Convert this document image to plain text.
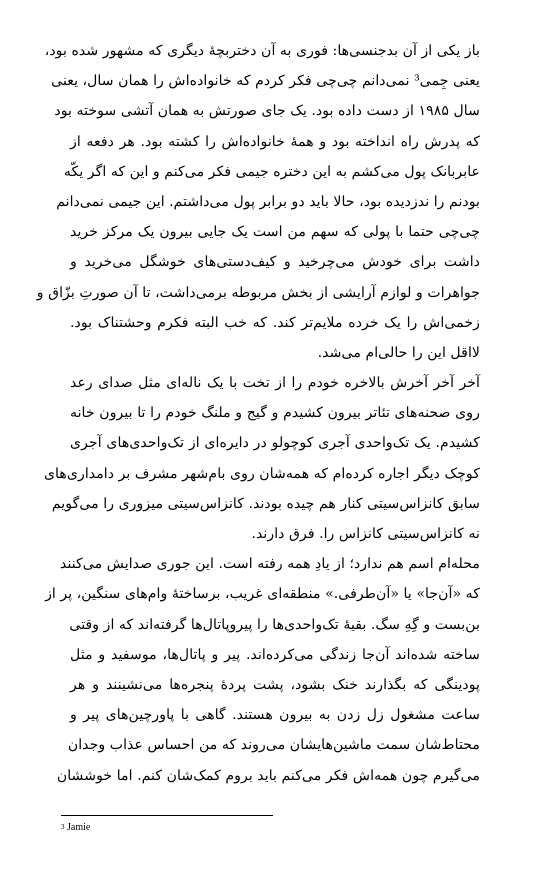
باز یکی از آن بدجنسی‌ها: فوری به آن دختربچهٔ دیگری که مشهور شده بود،
یعنی جِمی³ نمی‌دانم چی‌چی فکر کردم که خانواده‌اش را همان سال، یعنی
سال ۱۹۸۵ از دست داده بود. یک جای صورتش به همان آتشی سوخته بود
که پدرش راه انداخته بود و همهٔ خانواده‌اش را کشته بود. هر دفعه از
عابربانک پول می‌کشم به این دختره جیمی فکر می‌کنم و این که اگر یکّه
بودنم را ندزدیده بود، حالا باید دو برابر پول می‌داشتم. این جیمی نمی‌دانم
چی‌چی حتما با پولی که سهم من است یک جایی بیرون یک مرکز خرید
داشت برای خودش می‌چرخید و کیف‌دستی‌های خوشگل می‌خرید و
جواهرات و لوازم آرایشی از بخش مربوطه برمی‌داشت، تا آن صورتِ بزّاق و
زخمی‌اش را یک خرده ملایم‌تر کند. که خب البته فکرم وحشتناک بود.
لااقل این را حالی‌ام می‌شد.
آخر آخر آخرش بالاخره خودم را از تخت با یک ناله‌ای مثل صدای رعد
روی صحنه‌های تئاتر بیرون کشیدم و گیج و ملنگ خودم را تا بیرون خانه
کشیدم. یک تک‌واحدی آجری کوچولو در دایره‌ای از تک‌واحدی‌های آجری
کوچک دیگر اجاره کرده‌ام که همه‌شان روی بام‌شهر مشرف بر دامداری‌های
سابق کانزاس‌سیتی کنار هم چیده بودند. کانزاس‌سیتی میزوری را می‌گویم
نه کانزاس‌سیتی کانزاس را. فرق دارند.
محله‌ام اسم هم ندارد؛ از یادِ همه رفته است. این جوری صدایش می‌کنند
که «آن‌جا» یا «آن‌طرفی.» منطقه‌ای غریب، برساختهٔ وام‌های سنگین، پر از
بن‌بست و گِهِ سگ. بقیهٔ تک‌واحدی‌ها را پیرو‌پاتال‌ها گرفته‌اند که از وقتی
ساخته شده‌اند آن‌جا زندگی می‌کرده‌اند. پیر و پاتال‌ها، موسفید و مثل
پودینگی که بگذارند خنک بشود، پشت پردهٔ پنجره‌ها می‌نشینند و هر
ساعت مشغول زل زدن به بیرون هستند. گاهی با پاورچین‌های پیر و
محتاط‌شان سمت ماشین‌هایشان می‌روند که من احساس عذاب وجدان
می‌گیرم چون همه‌اش فکر می‌کنم باید بروم کمک‌شان کنم. اما خوششان
$^3$ Jamie
